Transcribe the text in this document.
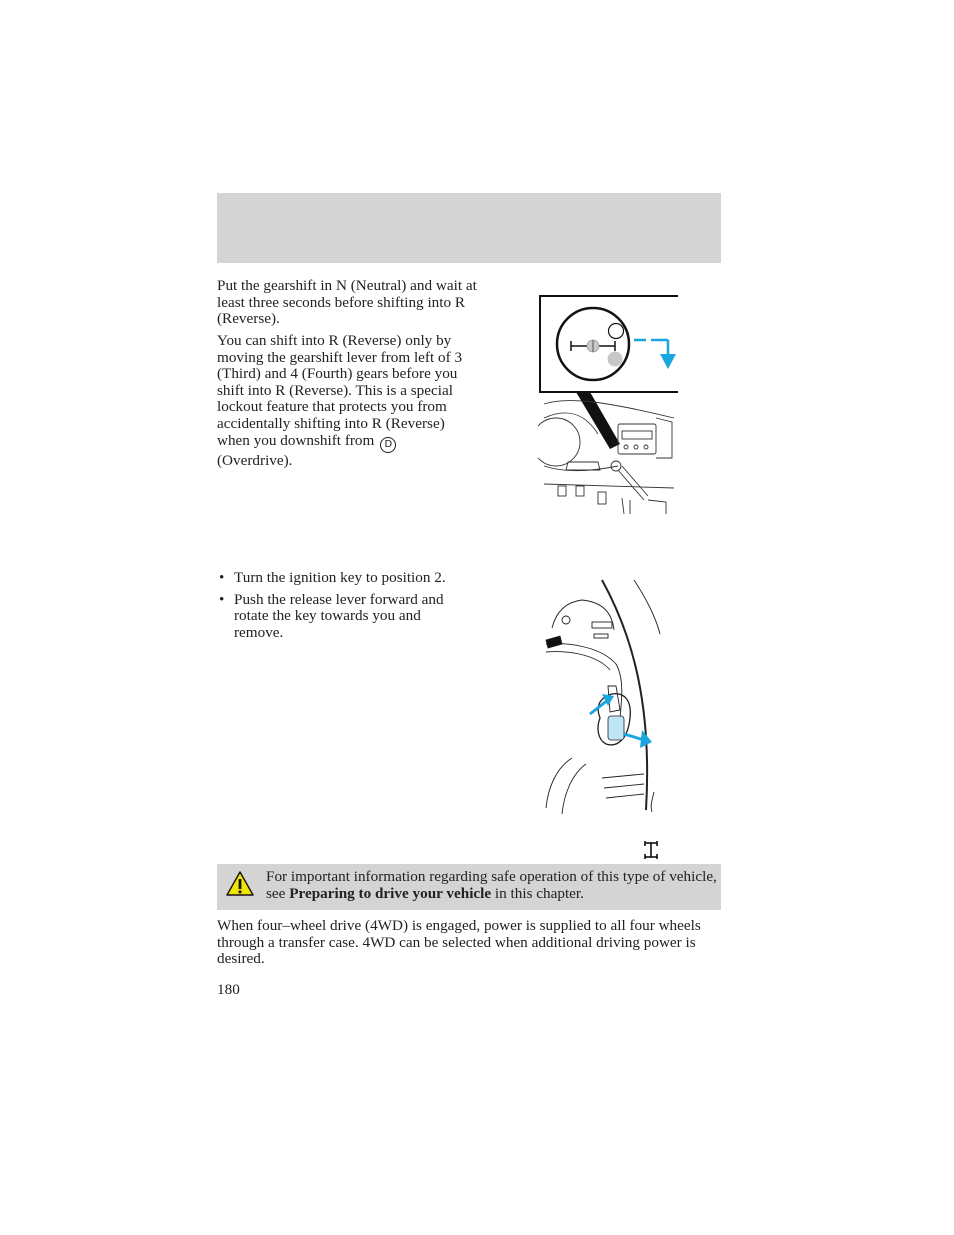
Put the gearshift in N (Neutral) and wait at least three seconds before shifting into R (Reverse).
You can shift into R (Reverse) only by moving the gearshift lever from left of 3 (Third) and 4 (Fourth) gears before you shift into R (Reverse). This is a special lockout feature that protects you from accidentally shifting into R (Reverse) when you downshift from D(Overdrive).
• Turn the ignition key to position 2.
• Push the release lever forward and rotate the key towards you and remove.
For important information regarding safe operation of this type of vehicle, see Preparing to drive your vehicle in this chapter.
When four–wheel drive (4WD) is engaged, power is supplied to all four wheels through a transfer case. 4WD can be selected when additional driving power is desired.
180
